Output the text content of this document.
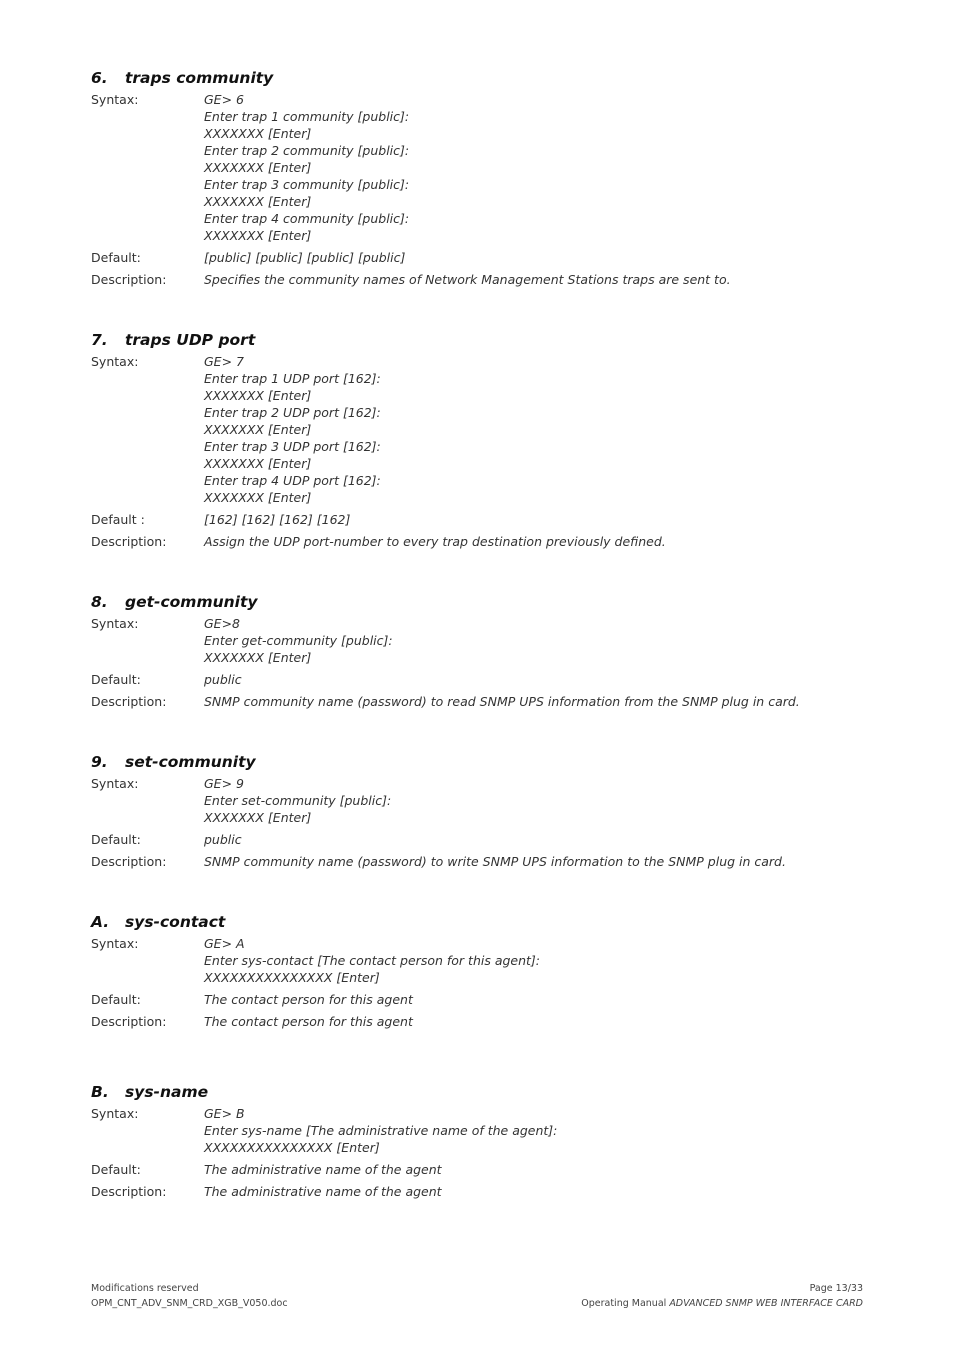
6. traps community
Syntax:	GE> 6
Enter trap 1 community [public]:
XXXXXXX [Enter]
Enter trap 2 community [public]:
XXXXXXX [Enter]
Enter trap 3 community [public]:
XXXXXXX [Enter]
Enter trap 4 community [public]:
XXXXXXX [Enter]
Default:	[public] [public] [public] [public]
Description:	Specifies the community names of Network Management Stations traps are sent to.
7. traps UDP port
Syntax:	GE> 7
Enter trap 1 UDP port [162]:
XXXXXXX [Enter]
Enter trap 2 UDP port [162]:
XXXXXXX [Enter]
Enter trap 3 UDP port [162]:
XXXXXXX [Enter]
Enter trap 4 UDP port [162]:
XXXXXXX [Enter]
Default :	[162] [162] [162] [162]
Description:	Assign the UDP port-number to every trap destination previously defined.
8. get-community
Syntax:	GE>8
Enter get-community [public]:
XXXXXXX [Enter]
Default:	public
Description:	SNMP community name (password) to read SNMP UPS information from the SNMP plug in card.
9. set-community
Syntax:	GE> 9
Enter set-community [public]:
XXXXXXX [Enter]
Default:	public
Description:	SNMP community name (password) to write SNMP UPS information to the SNMP plug in card.
A. sys-contact
Syntax:	GE> A
Enter sys-contact [The contact person for this agent]:
XXXXXXXXXXXXXXX [Enter]
Default:	The contact person for this agent
Description:	The contact person for this agent
B. sys-name
Syntax:	GE> B
Enter sys-name [The administrative name of the agent]:
XXXXXXXXXXXXXXX [Enter]
Default:	The administrative name of the agent
Description:	The administrative name of the agent
Modifications reserved
OPM_CNT_ADV_SNM_CRD_XGB_V050.doc
Page 13/33
Operating Manual ADVANCED SNMP WEB INTERFACE CARD
